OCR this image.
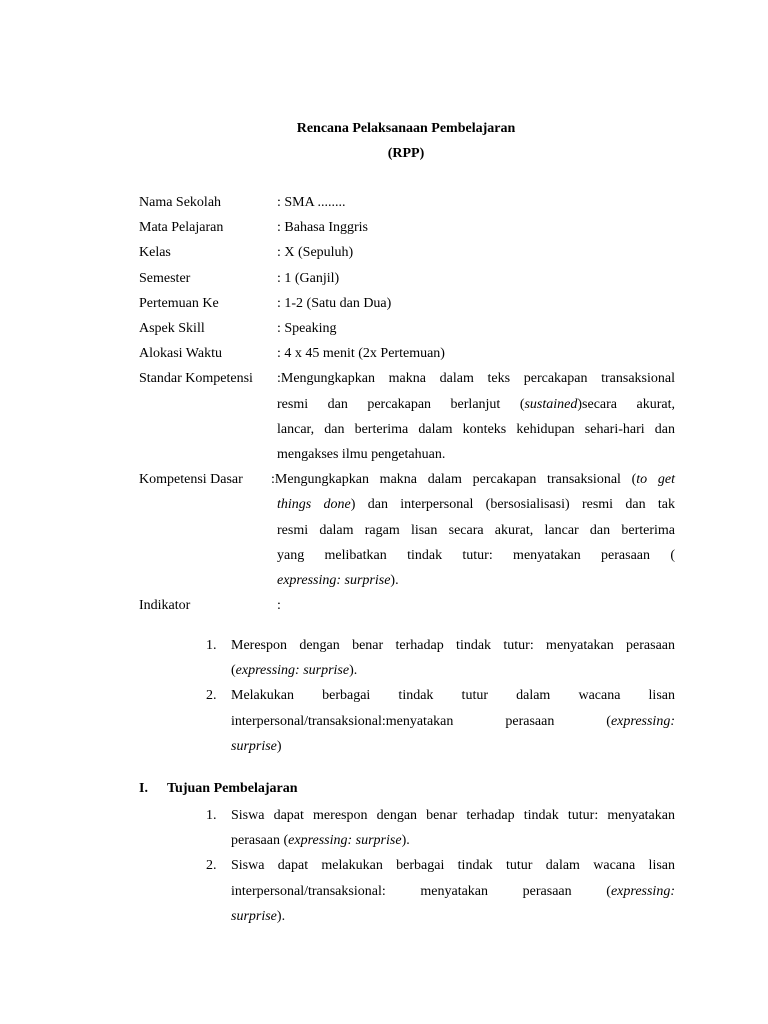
Rencana Pelaksanaan Pembelajaran
(RPP)
Nama Sekolah	: SMA ........
Mata Pelajaran	: Bahasa Inggris
Kelas	: X (Sepuluh)
Semester	: 1 (Ganjil)
Pertemuan Ke	: 1-2 (Satu dan Dua)
Aspek Skill	: Speaking
Alokasi Waktu	: 4 x 45 menit (2x Pertemuan)
Standar Kompetensi	:Mengungkapkan makna dalam teks percakapan transaksional
resmi dan percakapan berlanjut (sustained)secara akurat,
lancar, dan berterima dalam konteks kehidupan sehari-hari dan
mengakses ilmu pengetahuan.
Kompetensi Dasar	:Mengungkapkan makna dalam percakapan transaksional (to get
things done) dan interpersonal (bersosialisasi) resmi dan tak
resmi dalam ragam lisan secara akurat, lancar dan berterima
yang melibatkan tindak tutur: menyatakan perasaan (
expressing: surprise).
Indikator	:
1.	Merespon dengan benar terhadap tindak tutur: menyatakan perasaan
(expressing: surprise).
2.	Melakukan berbagai tindak tutur dalam wacana lisan
interpersonal/transaksional:menyatakan perasaan (expressing:
surprise)
I.	Tujuan Pembelajaran
1.	Siswa dapat merespon dengan benar terhadap tindak tutur: menyatakan
perasaan (expressing: surprise).
2.	Siswa dapat melakukan berbagai tindak tutur dalam wacana lisan
interpersonal/transaksional: menyatakan perasaan (expressing:
surprise).
